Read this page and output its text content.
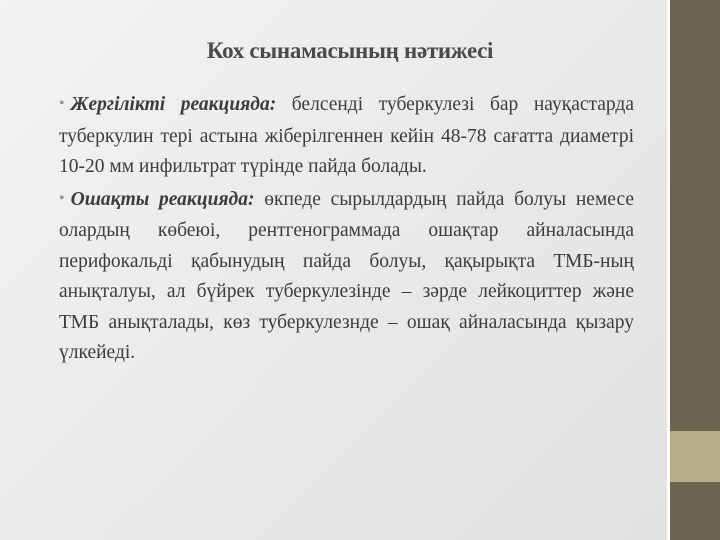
Кох сынамасының нәтижесі

• Жергілікті реакцияда: белсенді туберкулезі бар науқастарда туберкулин тері астына жіберілгеннен кейін 48-78 сағатта диаметрі 10-20 мм инфильтрат түрінде пайда болады.

• Ошақты реакцияда: өкпеде сырылдардың пайда болуы немесе олардың көбеюі, рентгенограммада ошақтар айналасында перифокальді қабынудың пайда болуы, қақырықта ТМБ-ның анықталуы, ал бүйрек туберкулезінде – зәрде лейкоциттер және ТМБ анықталады, көз туберкулезнде – ошақ айналасында қызару үлкейеді.
